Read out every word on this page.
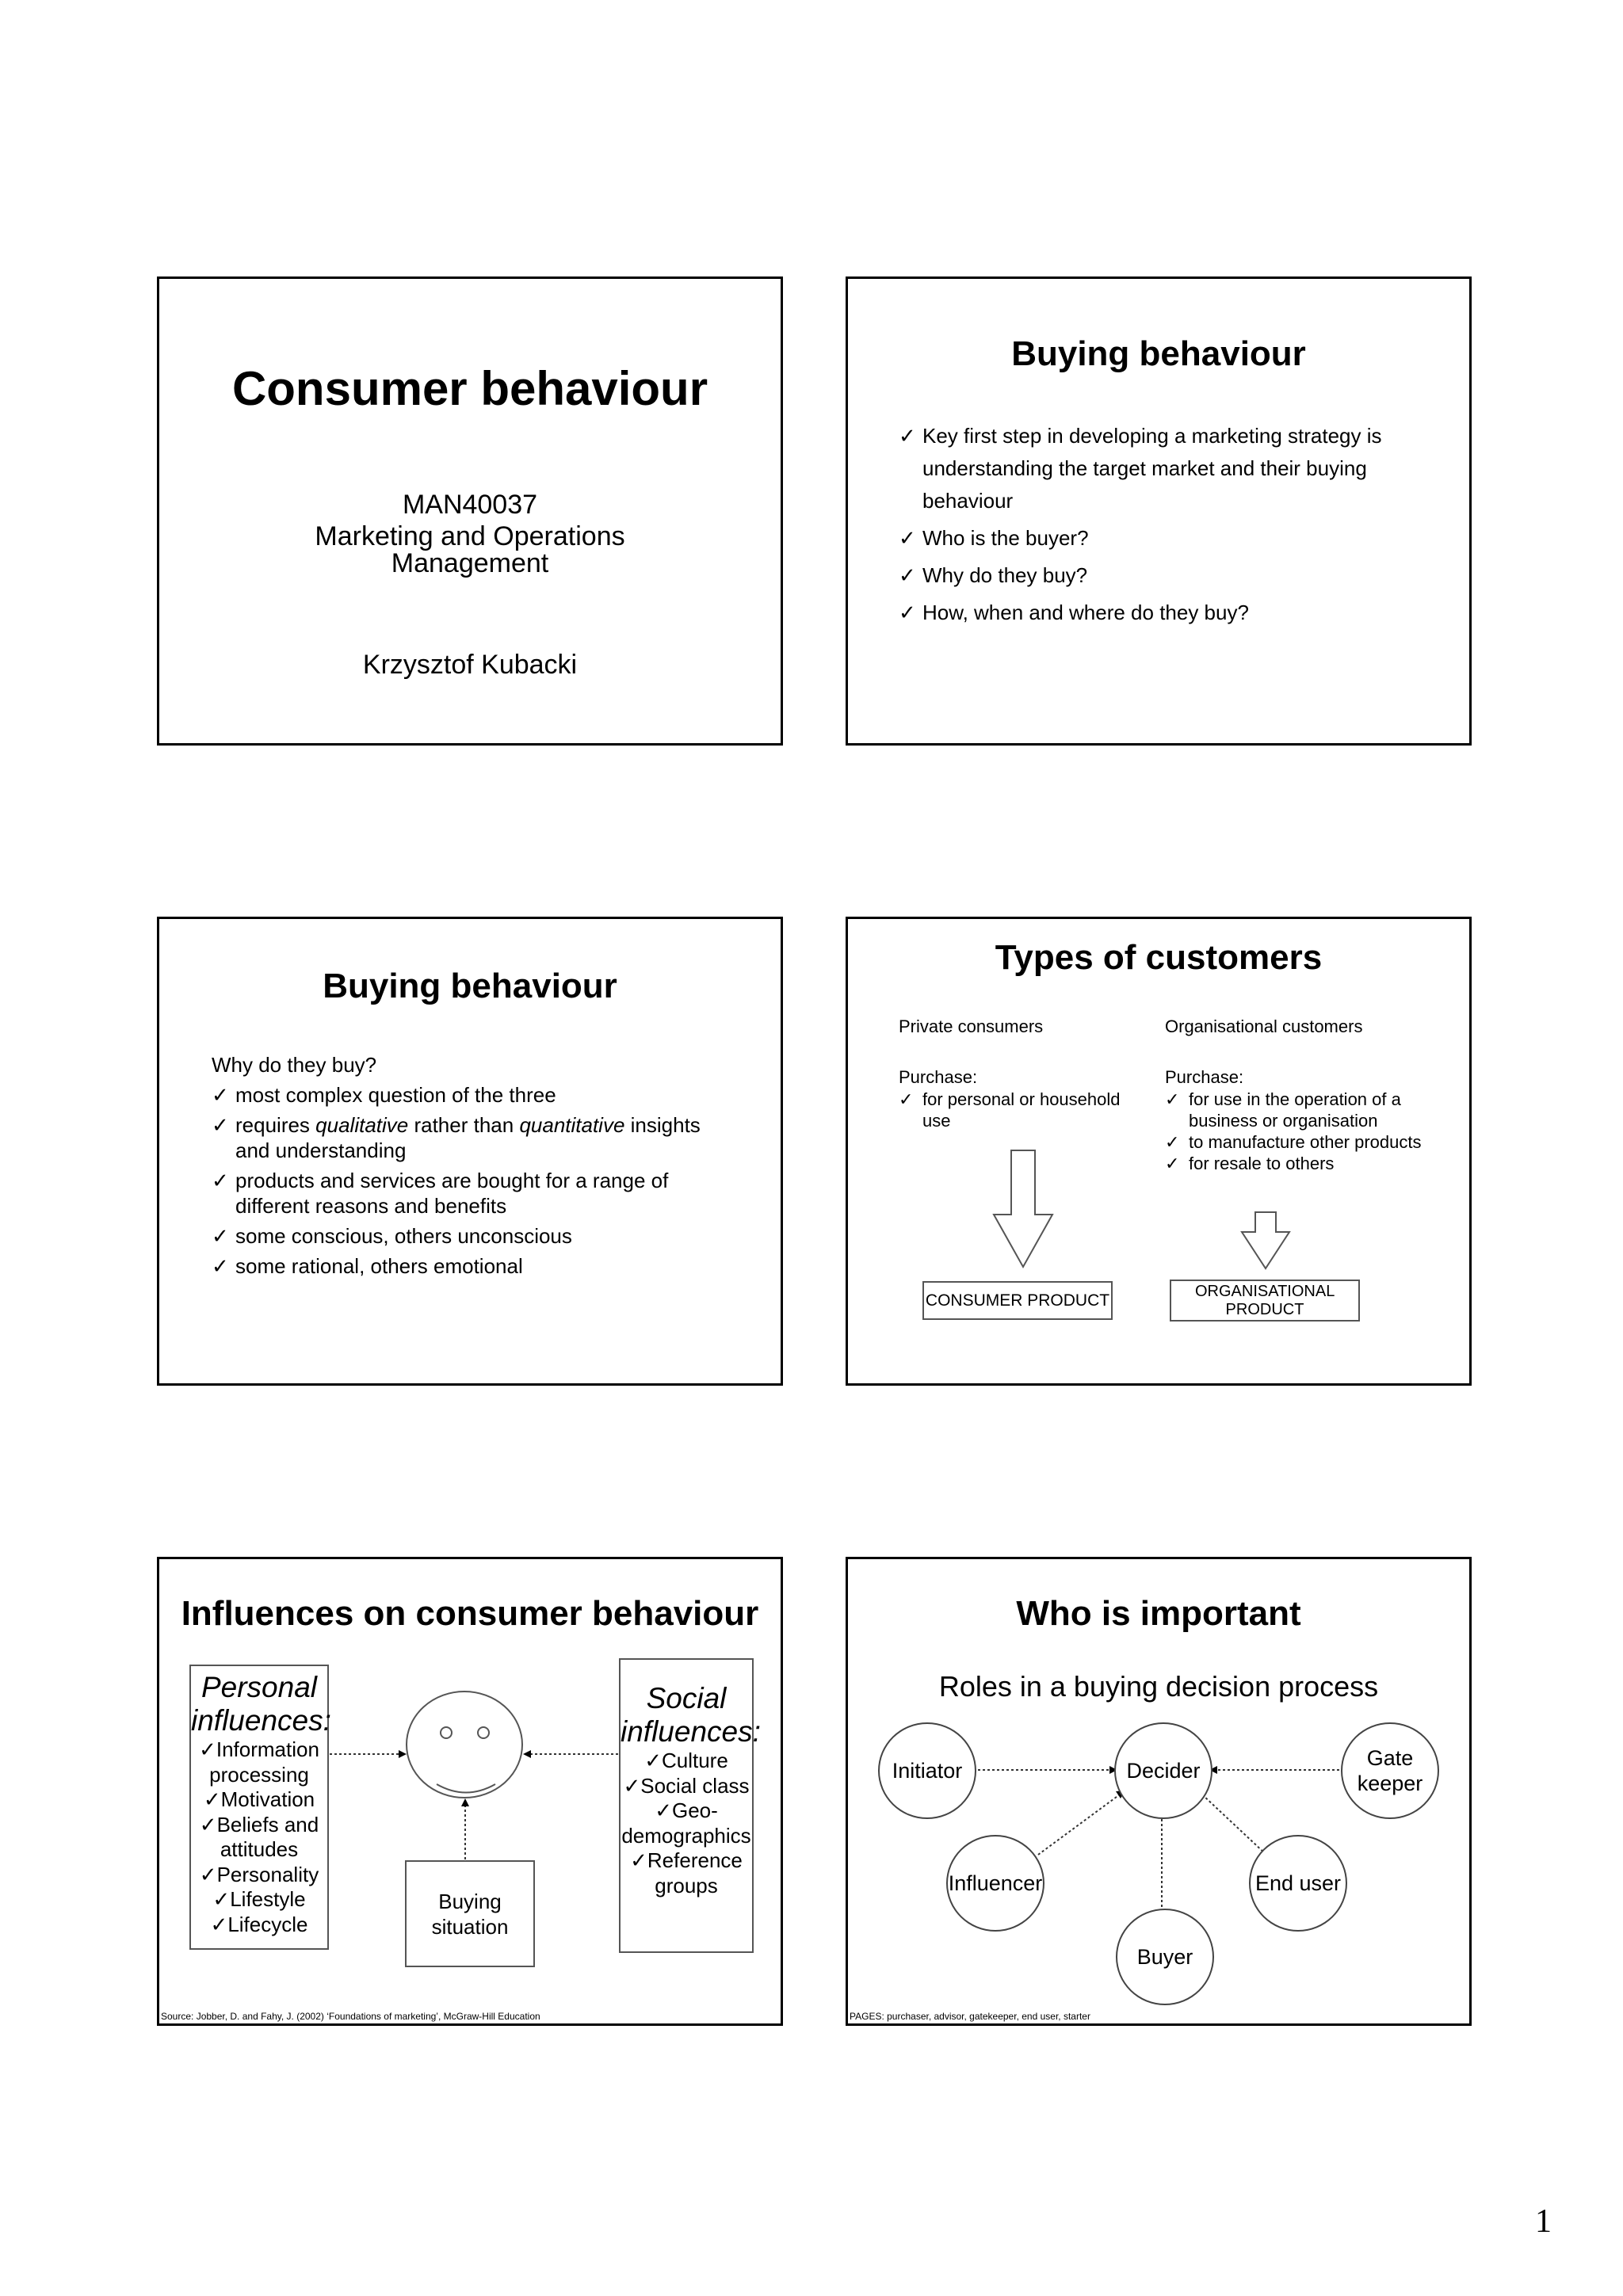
Consumer behaviour
MAN40037
Marketing and Operations
Management
Krzysztof Kubacki
Buying behaviour
✓ Key first step in developing a marketing strategy is understanding the target market and their buying behaviour
✓ Who is the buyer?
✓ Why do they buy?
✓ How, when and where do they buy?
Buying behaviour
Why do they buy?
✓ most complex question of the three
✓ requires qualitative rather than quantitative insights and understanding
✓ products and services are bought for a range of different reasons and benefits
✓ some conscious, others unconscious
✓ some rational, others emotional
Types of customers
Private consumers
Purchase:
✓ for personal or household use
Organisational customers
Purchase:
✓ for use in the operation of a business or organisation
✓ to manufacture other products
✓ for resale to others
CONSUMER PRODUCT	ORGANISATIONAL PRODUCT
Influences on consumer behaviour
Personal influences:
✓Information processing
✓Motivation
✓Beliefs and attitudes
✓Personality
✓Lifestyle
✓Lifecycle
Social influences:
✓Culture
✓Social class
✓Geo-demographics
✓Reference groups
Buying situation
Source: Jobber, D. and Fahy, J. (2002) ‘Foundations of marketing’, McGraw-Hill Education
Who is important
Roles in a buying decision process
Initiator	Decider
Gate keeper
Influencer	End user
Buyer
PAGES: purchaser, advisor, gatekeeper, end user, starter
1
